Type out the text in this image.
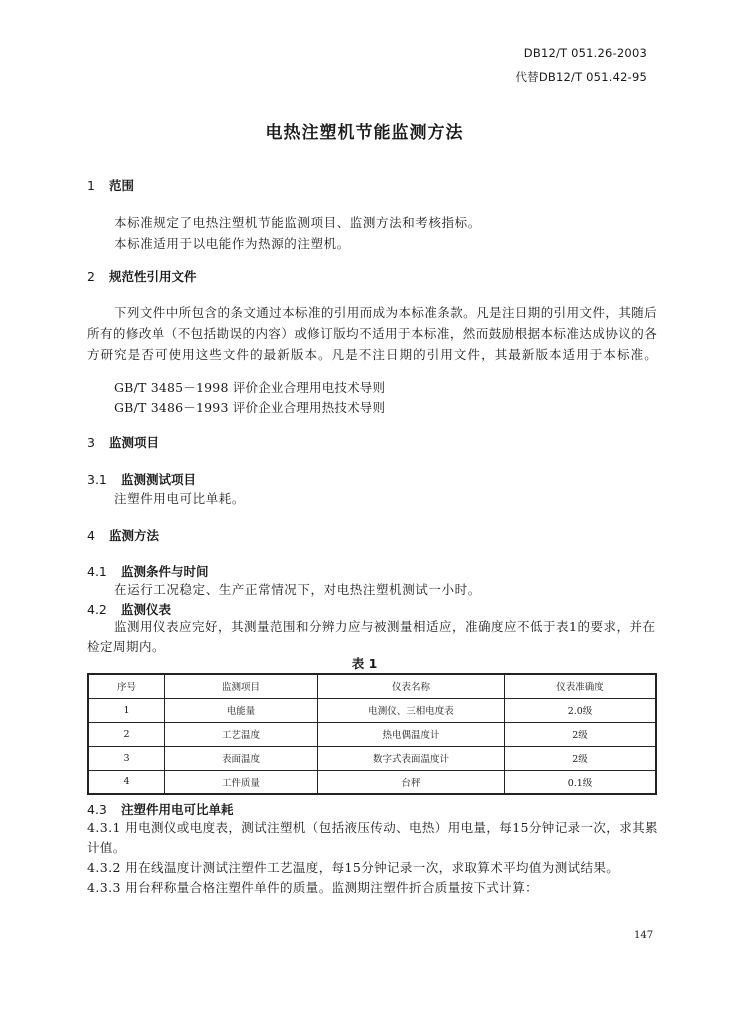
DB12/T 051.26-2003
代替DB12/T 051.42-95
电热注塑机节能监测方法
1 范围
本标准规定了电热注塑机节能监测项目、监测方法和考核指标。
本标准适用于以电能作为热源的注塑机。
2 规范性引用文件
下列文件中所包含的条文通过本标准的引用而成为本标准条款。凡是注日期的引用文件，其随后所有的修改单（不包括勘误的内容）或修订版均不适用于本标准，然而鼓励根据本标准达成协议的各方研究是否可使用这些文件的最新版本。凡是不注日期的引用文件，其最新版本适用于本标准。
GB/T 3485－1998 评价企业合理用电技术导则
GB/T 3486－1993 评价企业合理用热技术导则
3 监测项目
3.1 监测测试项目
注塑件用电可比单耗。
4 监测方法
4.1 监测条件与时间
在运行工况稳定、生产正常情况下，对电热注塑机测试一小时。
4.2 监测仪表
监测用仪表应完好，其测量范围和分辨力应与被测量相适应，准确度应不低于表1的要求，并在检定周期内。
表 1
序号	监测项目	仪表名称	仪表准确度
1	电能量	电测仪、三相电度表	2.0级
2	工艺温度	热电偶温度计	2级
3	表面温度	数字式表面温度计	2级
4	工件质量	台秤	0.1级
4.3 注塑件用电可比单耗
4.3.1 用电测仪或电度表，测试注塑机（包括液压传动、电热）用电量，每15分钟记录一次，求其累计值。
4.3.2 用在线温度计测试注塑件工艺温度，每15分钟记录一次，求取算术平均值为测试结果。
4.3.3 用台秤称量合格注塑件单件的质量。监测期注塑件折合质量按下式计算：
147
